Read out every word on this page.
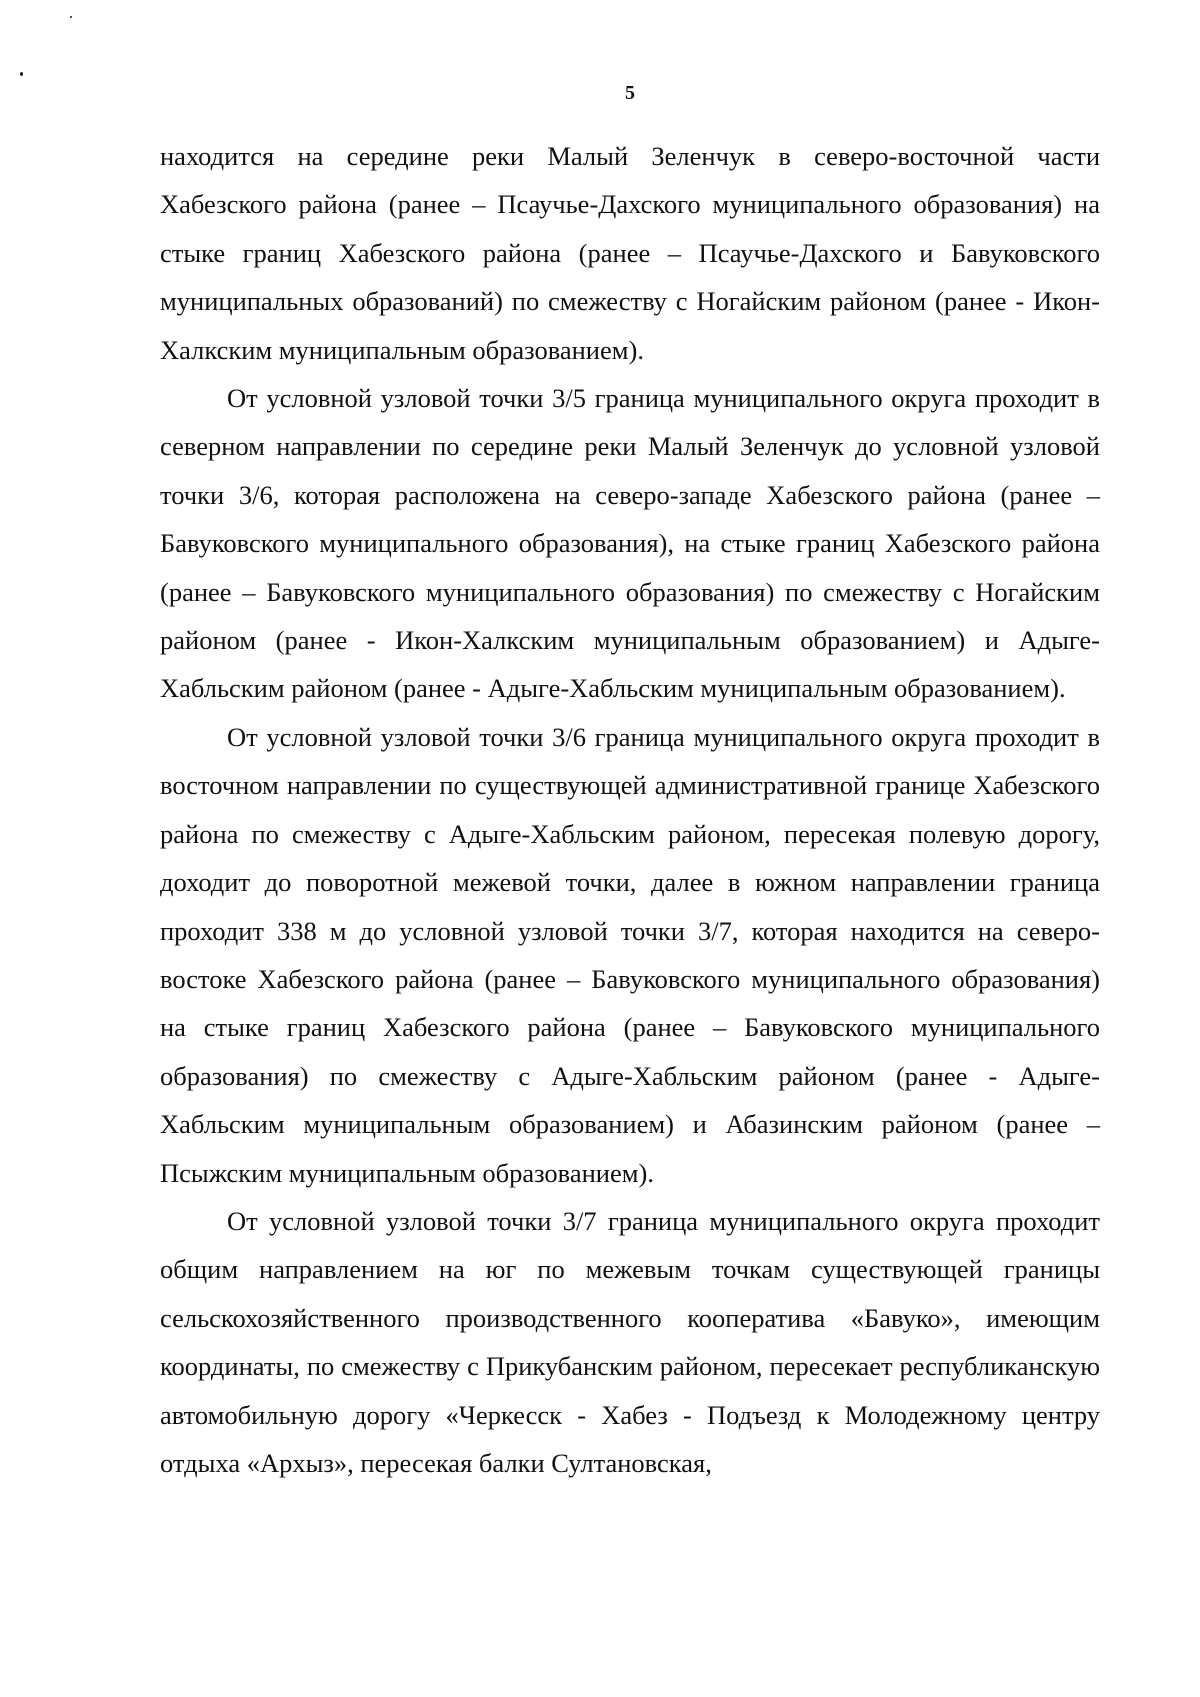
5

находится на середине реки Малый Зеленчук в северо-восточной части Хабезского района (ранее – Псаучье-Дахского муниципального образования) на стыке границ Хабезского района (ранее – Псаучье-Дахского и Бавуковского муниципальных образований) по смежеству с Ногайским районом (ранее - Икон-Халкским муниципальным образованием).

От условной узловой точки 3/5 граница муниципального округа проходит в северном направлении по середине реки Малый Зеленчук до условной узловой точки 3/6, которая расположена на северо-западе Хабезского района (ранее – Бавуковского муниципального образования), на стыке границ Хабезского района (ранее – Бавуковского муниципального образования) по смежеству с Ногайским районом (ранее - Икон-Халкским муниципальным образованием) и Адыге-Хабльским районом (ранее - Адыге-Хабльским муниципальным образованием).

От условной узловой точки 3/6 граница муниципального округа проходит в восточном направлении по существующей административной границе Хабезского района по смежеству с Адыге-Хабльским районом, пересекая полевую дорогу, доходит до поворотной межевой точки, далее в южном направлении граница проходит 338 м до условной узловой точки 3/7, которая находится на северо-востоке Хабезского района (ранее – Бавуковского муниципального образования) на стыке границ Хабезского района (ранее – Бавуковского муниципального образования) по смежеству с Адыге-Хабльским районом (ранее - Адыге-Хабльским муниципальным образованием) и Абазинским районом (ранее – Псыжским муниципальным образованием).

От условной узловой точки 3/7 граница муниципального округа проходит общим направлением на юг по межевым точкам существующей границы сельскохозяйственного производственного кооператива «Бавуко», имеющим координаты, по смежеству с Прикубанским районом, пересекает республиканскую автомобильную дорогу «Черкесск - Хабез - Подъезд к Молодежному центру отдыха «Архыз», пересекая балки Султановская,
